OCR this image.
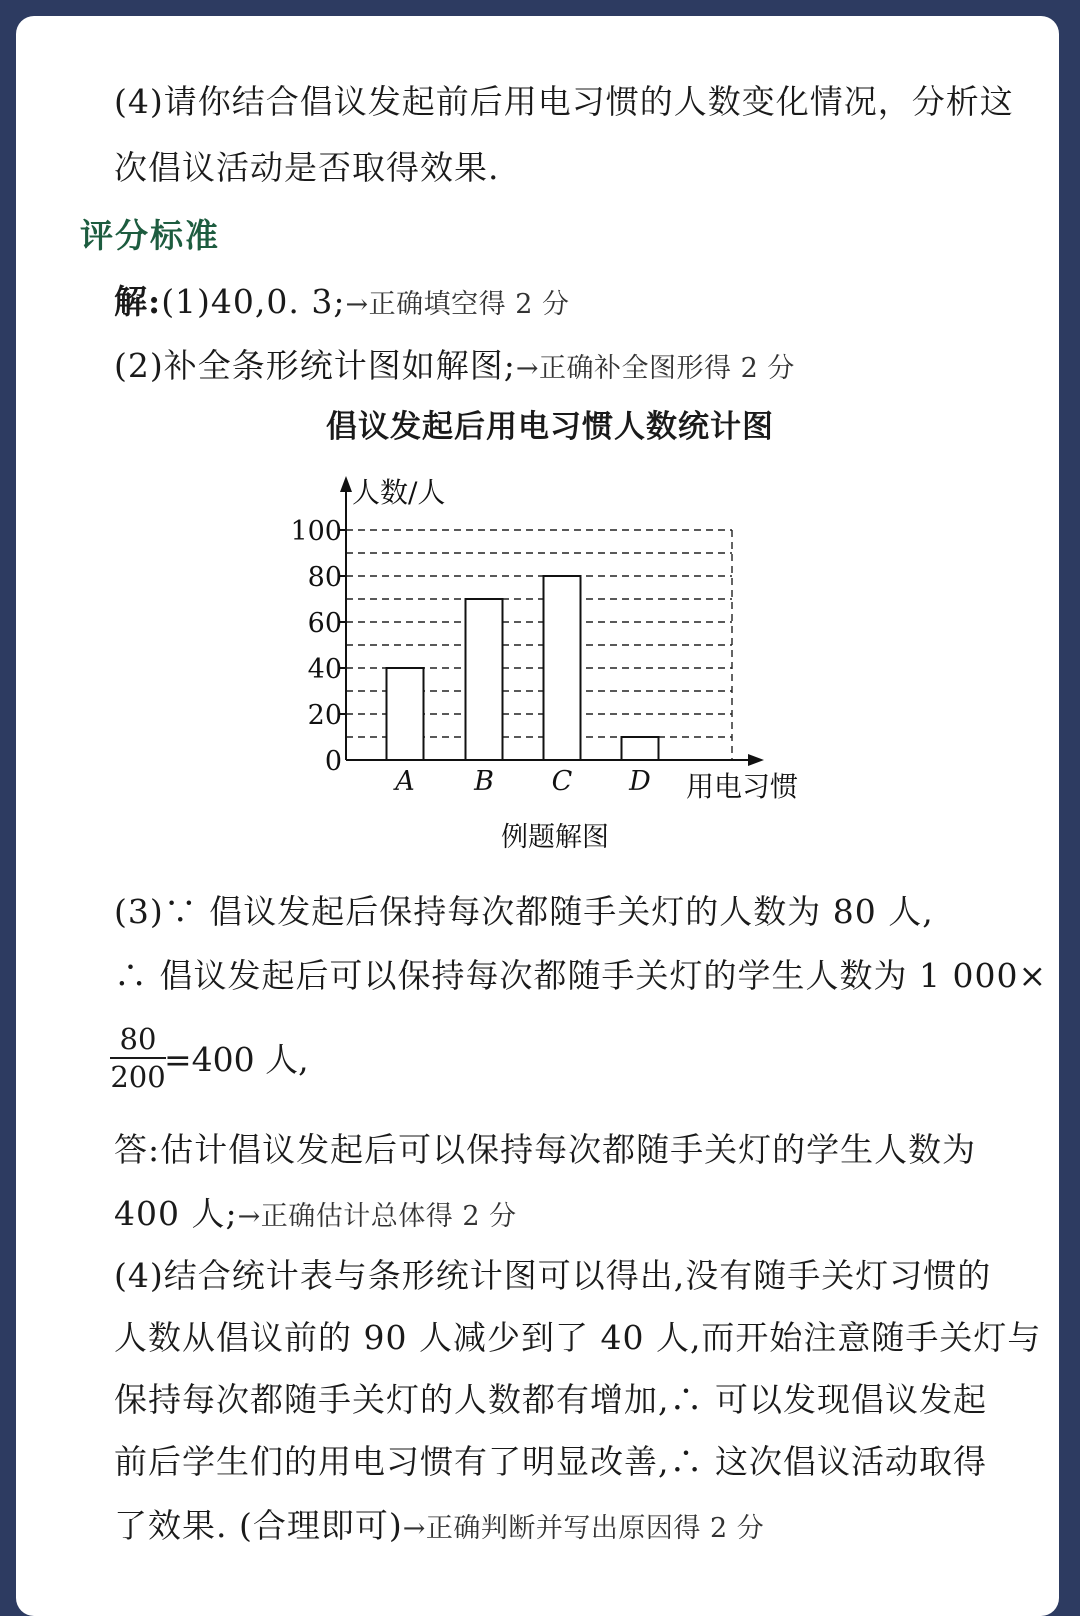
(4)请你结合倡议发起前后用电习惯的人数变化情况，分析这
次倡议活动是否取得效果.
评分标准
解:(1)40,0. 3;→正确填空得 2 分
(2)补全条形统计图如解图;→正确补全图形得 2 分
倡议发起后用电习惯人数统计图
0
20
40
60
80
100
A B C D
人数/人
用电习惯
例题解图
(3)∵ 倡议发起后保持每次都随手关灯的人数为 80 人,
∴ 倡议发起后可以保持每次都随手关灯的学生人数为 1 000×
80
200
=400 人,
答:估计倡议发起后可以保持每次都随手关灯的学生人数为
400 人;→正确估计总体得 2 分
(4)结合统计表与条形统计图可以得出,没有随手关灯习惯的
人数从倡议前的 90 人减少到了 40 人,而开始注意随手关灯与
保持每次都随手关灯的人数都有增加,∴ 可以发现倡议发起
前后学生们的用电习惯有了明显改善,∴ 这次倡议活动取得
了效果. (合理即可)→正确判断并写出原因得 2 分
